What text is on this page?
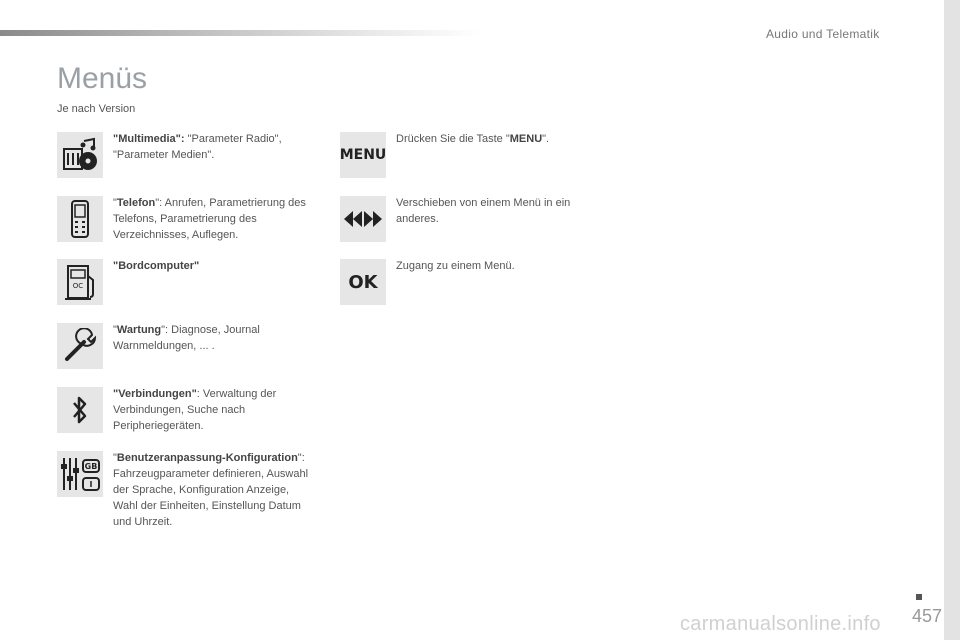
Audio und Telematik
Menüs
Je nach Version
"Multimedia": "Parameter Radio", "Parameter Medien".
"Telefon": Anrufen, Parametrierung des Telefons, Parametrierung des Verzeichnisses, Auflegen.
OC
"Bordcomputer"
"Wartung": Diagnose, Journal Warnmeldungen, ... .
"Verbindungen": Verwaltung der Verbindungen, Suche nach Peripheriegeräten.
GB
I
"Benutzeranpassung-Konfiguration": Fahrzeugparameter definieren, Auswahl der Sprache, Konfiguration Anzeige, Wahl der Einheiten, Einstellung Datum und Uhrzeit.
MENU
Drücken Sie die Taste "MENU".
Verschieben von einem Menü in ein anderes.
OK
Zugang zu einem Menü.
457
carmanualsonline.info
